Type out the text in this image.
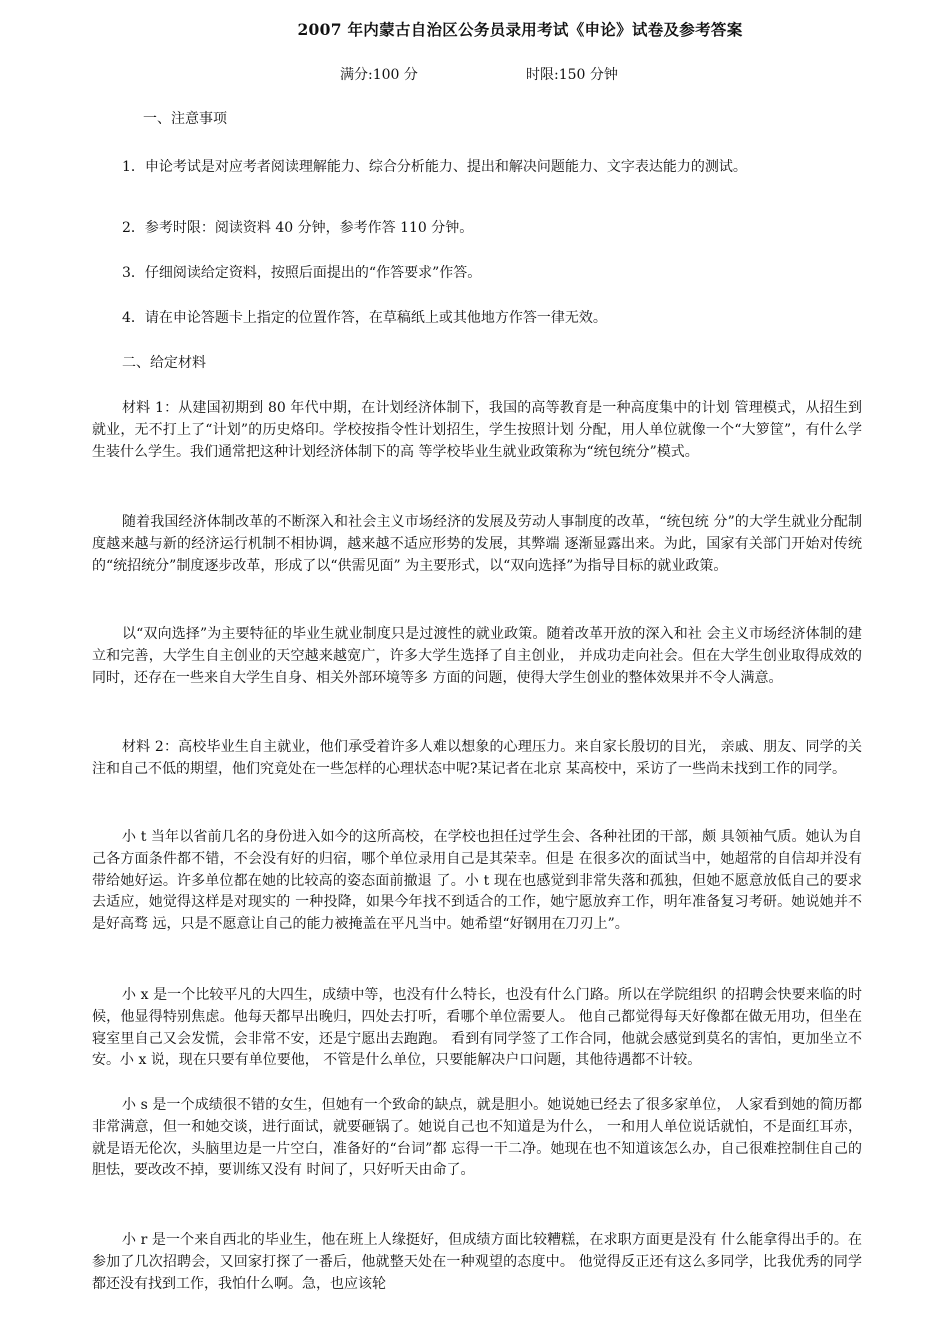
2007 年内蒙古自治区公务员录用考试《申论》试卷及参考答案
满分:100 分	时限:150 分钟
一、注意事项
1．申论考试是对应考者阅读理解能力、综合分析能力、提出和解决问题能力、文字表达能力的测试。
2．参考时限：阅读资料 40 分钟，参考作答 110 分钟。
3．仔细阅读给定资料，按照后面提出的“作答要求”作答。
4．请在申论答题卡上指定的位置作答，在草稿纸上或其他地方作答一律无效。
二、给定材料
材料 1：从建国初期到 80 年代中期，在计划经济体制下，我国的高等教育是一种高度集中的计划 管理模式，从招生到就业，无不打上了“计划”的历史烙印。学校按指令性计划招生，学生按照计划 分配，用人单位就像一个“大箩筐”，有什么学生装什么学生。我们通常把这种计划经济体制下的高 等学校毕业生就业政策称为“统包统分”模式。
随着我国经济体制改革的不断深入和社会主义市场经济的发展及劳动人事制度的改革，“统包统 分”的大学生就业分配制度越来越与新的经济运行机制不相协调，越来越不适应形势的发展，其弊端 逐渐显露出来。为此，国家有关部门开始对传统的“统招统分”制度逐步改革，形成了以“供需见面” 为主要形式，以“双向选择”为指导目标的就业政策。
以“双向选择”为主要特征的毕业生就业制度只是过渡性的就业政策。随着改革开放的深入和社 会主义市场经济体制的建立和完善，大学生自主创业的天空越来越宽广，许多大学生选择了自主创业， 并成功走向社会。但在大学生创业取得成效的同时，还存在一些来自大学生自身、相关外部环境等多 方面的问题，使得大学生创业的整体效果并不令人满意。
材料 2：高校毕业生自主就业，他们承受着许多人难以想象的心理压力。来自家长殷切的目光， 亲戚、朋友、同学的关注和自己不低的期望，他们究竟处在一些怎样的心理状态中呢?某记者在北京 某高校中，采访了一些尚未找到工作的同学。
小 t 当年以省前几名的身份进入如今的这所高校，在学校也担任过学生会、各种社团的干部，颇 具领袖气质。她认为自己各方面条件都不错，不会没有好的归宿，哪个单位录用自己是其荣幸。但是 在很多次的面试当中，她超常的自信却并没有带给她好运。许多单位都在她的比较高的姿态面前撤退 了。小 t 现在也感觉到非常失落和孤独，但她不愿意放低自己的要求去适应，她觉得这样是对现实的 一种投降，如果今年找不到适合的工作，她宁愿放弃工作，明年准备复习考研。她说她并不是好高骛 远，只是不愿意让自己的能力被掩盖在平凡当中。她希望“好钢用在刀刃上”。
小 x 是一个比较平凡的大四生，成绩中等，也没有什么特长，也没有什么门路。所以在学院组织 的招聘会快要来临的时候，他显得特别焦虑。他每天都早出晚归，四处去打听，看哪个单位需要人。 他自己都觉得每天好像都在做无用功，但坐在寝室里自己又会发慌，会非常不安，还是宁愿出去跑跑。 看到有同学签了工作合同，他就会感觉到莫名的害怕，更加坐立不安。小 x 说，现在只要有单位要他， 不管是什么单位，只要能解决户口问题，其他待遇都不计较。
小 s 是一个成绩很不错的女生，但她有一个致命的缺点，就是胆小。她说她已经去了很多家单位， 人家看到她的简历都非常满意，但一和她交谈，进行面试，就要砸锅了。她说自己也不知道是为什么， 一和用人单位说话就怕，不是面红耳赤，就是语无伦次，头脑里边是一片空白，准备好的“台词”都 忘得一干二净。她现在也不知道该怎么办，自己很难控制住自己的胆怯，要改改不掉，要训练又没有 时间了，只好听天由命了。
小 r 是一个来自西北的毕业生，他在班上人缘挺好，但成绩方面比较糟糕，在求职方面更是没有 什么能拿得出手的。在参加了几次招聘会，又回家打探了一番后，他就整天处在一种观望的态度中。 他觉得反正还有这么多同学，比我优秀的同学都还没有找到工作，我怕什么啊。急，也应该轮
